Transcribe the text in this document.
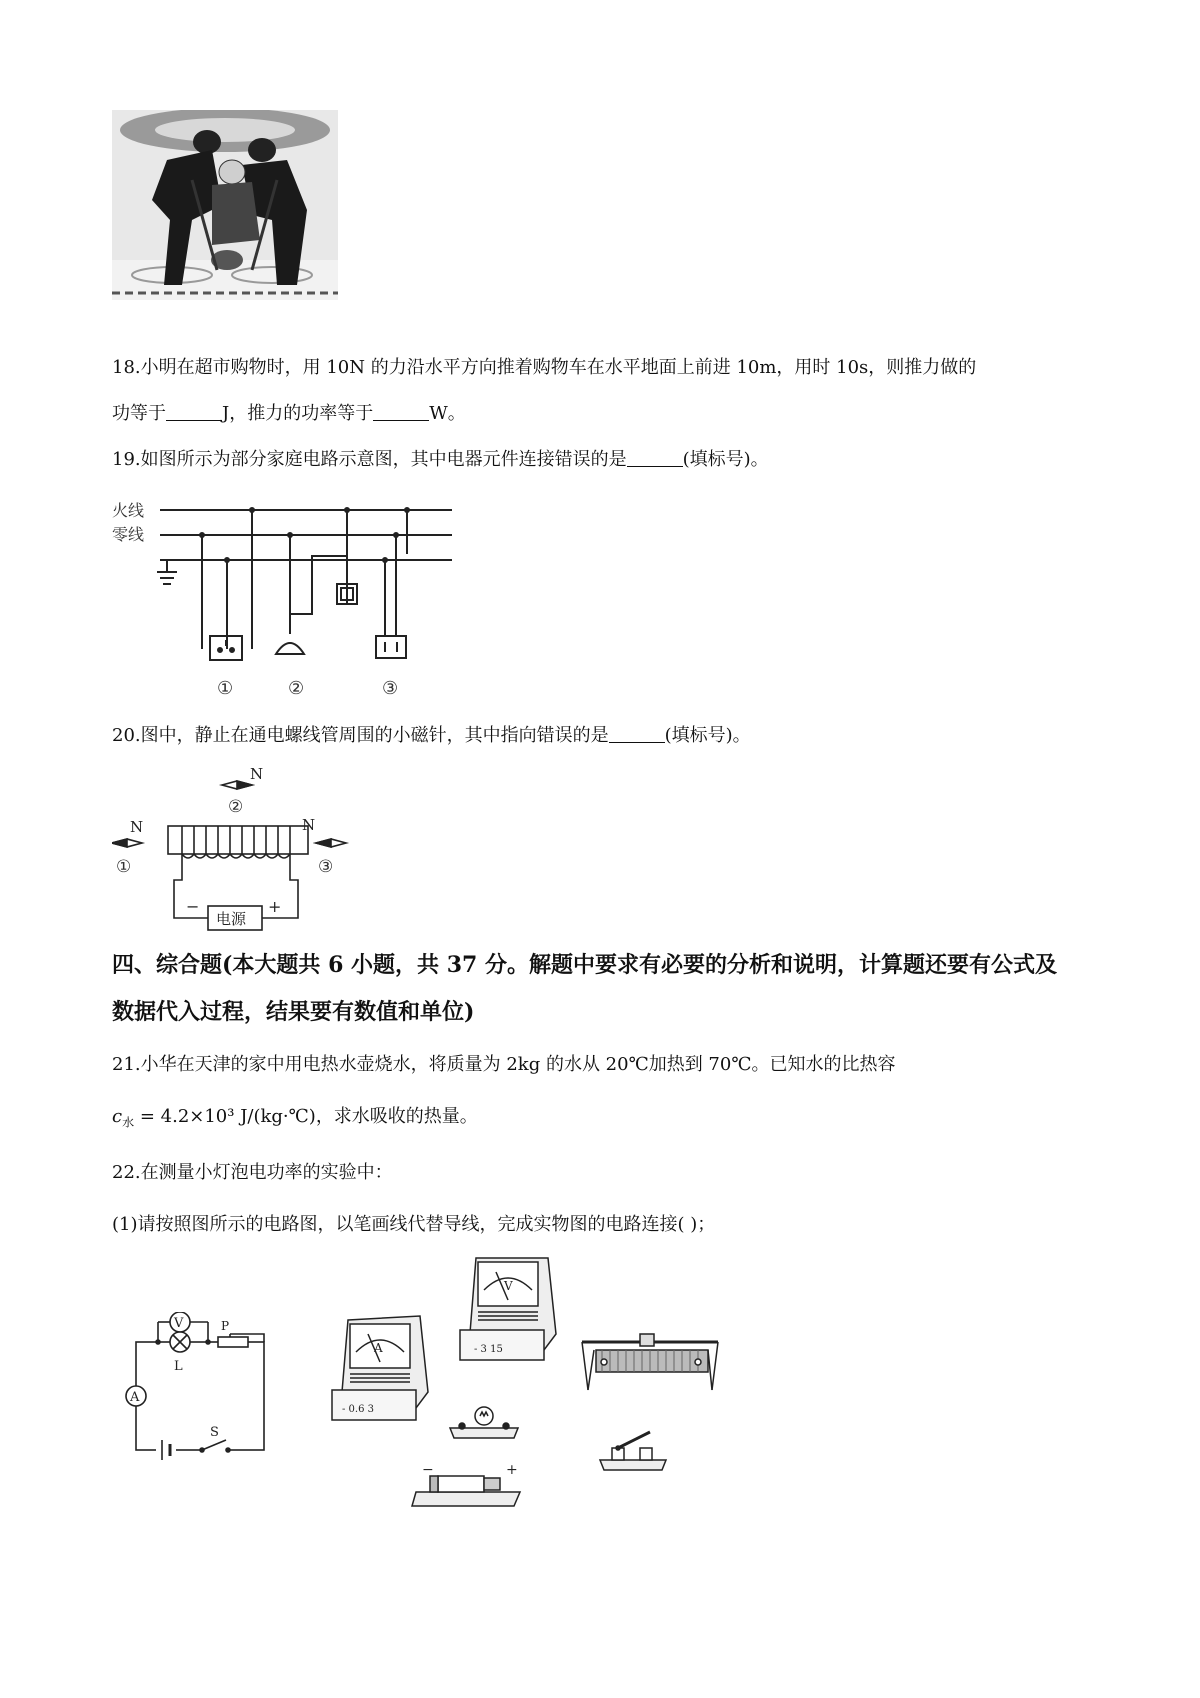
18.小明在超市购物时，用 10N 的力沿水平方向推着购物车在水平地面上前进 10m，用时 10s，则推力做的
功等于	J，推力的功率等于	W。
19.如图所示为部分家庭电路示意图，其中电器元件连接错误的是	(填标号)。
火线
零线
①	②	③
20.图中，静止在通电螺线管周围的小磁针，其中指向错误的是	(填标号)。
N
②
N
①
N
③
电源
−	+
四、综合题(本大题共 6 小题，共 37 分。解题中要求有必要的分析和说明，计算题还要有公式及
数据代入过程，结果要有数值和单位)
21.小华在天津的家中用电热水壶烧水，将质量为 2kg 的水从 20℃加热到 70℃。已知水的比热容
$c_水 = 4.2\times 10^3$ J/(kg·℃)，求水吸收的热量。
22.在测量小灯泡电功率的实验中：
(1)请按照图所示的电路图，以笔画线代替导线，完成实物图的电路连接( )；
V
L
P
A
S
A
- 0.6 3
V
- 3 15
−	+
